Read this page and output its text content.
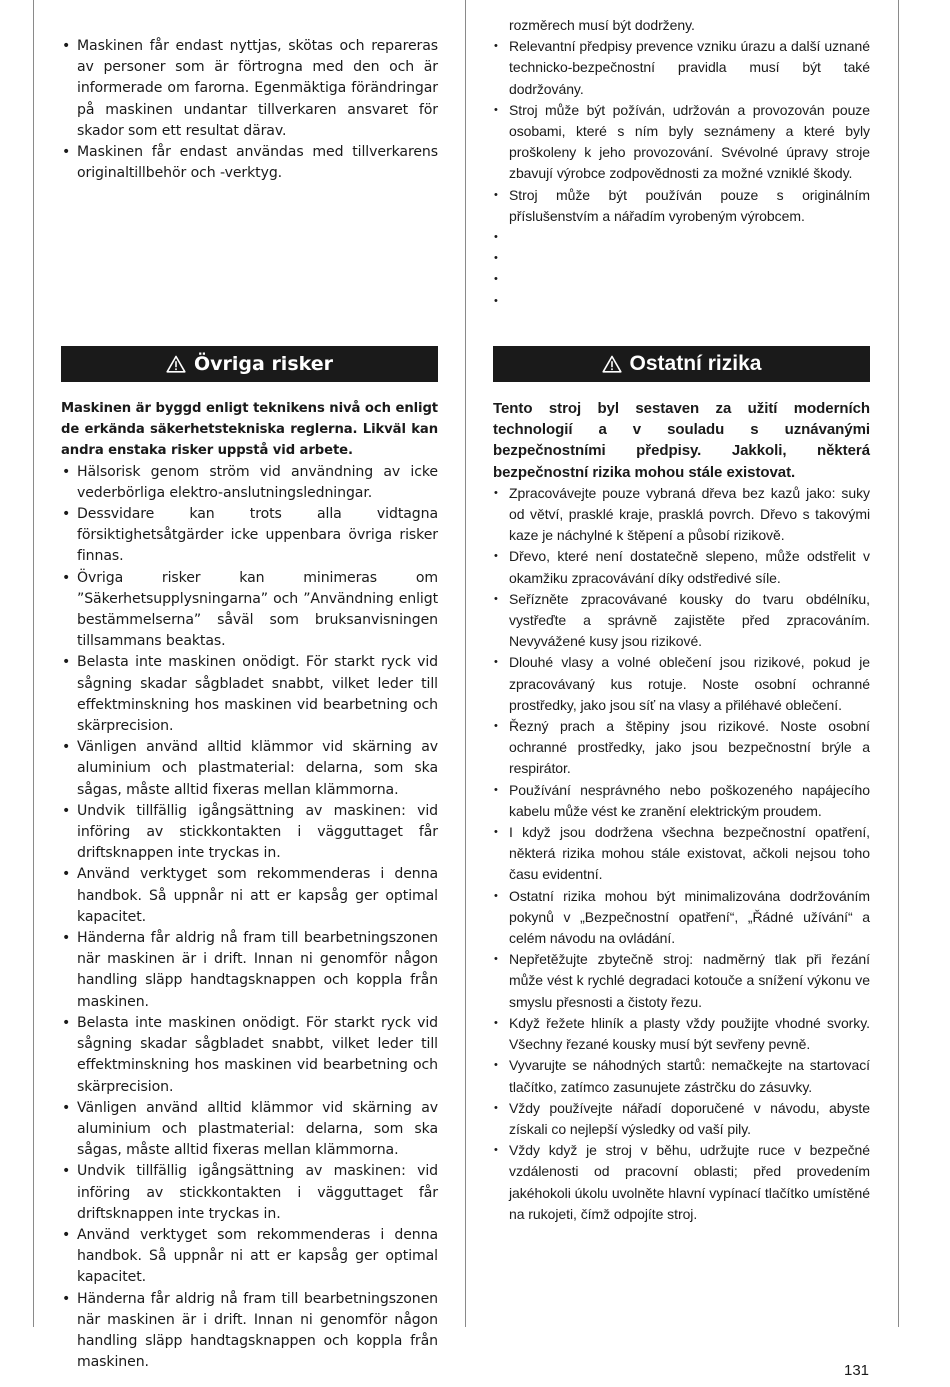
• Maskinen får endast nyttjas, skötas och repareras av personer som är förtrogna med den och är informerade om farorna. Egenmäktiga förändringar på maskinen undantar tillverkaren ansvaret för skador som ett resultat därav.
• Maskinen får endast användas med tillverkarens originaltillbehör och -verktyg.
Övriga risker

Maskinen är byggd enligt teknikens nivå och enligt de erkända säkerhetstekniska reglerna. Likväl kan andra enstaka risker uppstå vid arbete.

• Hälsorisk genom ström vid användning av icke vederbörliga elektro-anslutningsledningar.
• Dessvidare kan trots alla vidtagna försiktighetsåtgärder icke uppenbara övriga risker finnas.
• Övriga risker kan minimeras om ”Säkerhetsupplysningarna” och ”Användning enligt bestämmelserna” såväl som bruksanvisningen tillsammans beaktas.
• Belasta inte maskinen onödigt. För starkt ryck vid sågning skadar sågbladet snabbt, vilket leder till effektminskning hos maskinen vid bearbetning och skärprecision.
• Vänligen använd alltid klämmor vid skärning av aluminium och plastmaterial: delarna, som ska sågas, måste alltid fixeras mellan klämmorna.
• Undvik tillfällig igångsättning av maskinen: vid införing av stickkontakten i vägguttaget får driftsknappen inte tryckas in.
• Använd verktyget som rekommenderas i denna handbok. Så uppnår ni att er kapsåg ger optimal kapacitet.
• Händerna får aldrig nå fram till bearbetningszonen när maskinen är i drift. Innan ni genomför någon handling släpp handtagsknappen och koppla från maskinen.
• Belasta inte maskinen onödigt. För starkt ryck vid sågning skadar sågbladet snabbt, vilket leder till effektminskning hos maskinen vid bearbetning och skärprecision.
• Vänligen använd alltid klämmor vid skärning av aluminium och plastmaterial: delarna, som ska sågas, måste alltid fixeras mellan klämmorna.
• Undvik tillfällig igångsättning av maskinen: vid införing av stickkontakten i vägguttaget får driftsknappen inte tryckas in.
• Använd verktyget som rekommenderas i denna handbok. Så uppnår ni att er kapsåg ger optimal kapacitet.
• Händerna får aldrig nå fram till bearbetningszonen när maskinen är i drift. Innan ni genomför någon handling släpp handtagsknappen och koppla från maskinen.
rozměrech musí být dodrženy.
• Relevantní předpisy prevence vzniku úrazu a další uznané technicko-bezpečnostní pravidla musí být také dodržovány.
• Stroj může být požíván, udržován a provozován pouze osobami, které s ním byly seznámeny a které byly proškoleny k jeho provozování. Svévolné úpravy stroje zbavují výrobce zodpovědnosti za možné vzniklé škody.
• Stroj může být používán pouze s originálním příslušenstvím a nářadím vyrobeným výrobcem.
•
•
•
•
Ostatní rizika

Tento stroj byl sestaven za užití moderních technologií a v souladu s uznávanými bezpečnostními předpisy. Jakkoli, některá bezpečnostní rizika mohou stále existovat.

• Zpracovávejte pouze vybraná dřeva bez kazů jako: suky od větví, prasklé kraje, prasklá povrch. Dřevo s takovými kaze je náchylné k štěpení a působí rizikově.
• Dřevo, které není dostatečně slepeno, může odstřelit v okamžiku zpracovávání díky odstředivé síle.
• Seřízněte zpracovávané kousky do tvaru obdélníku, vystřeďte a správně zajistěte před zpracováním. Nevyvážené kusy jsou rizikové.
• Dlouhé vlasy a volné oblečení jsou rizikové, pokud je zpracovávaný kus rotuje. Noste osobní ochranné prostředky, jako jsou síť na vlasy a přiléhavé oblečení.
• Řezný prach a štěpiny jsou rizikové. Noste osobní ochranné prostředky, jako jsou bezpečnostní brýle a respirátor.
• Používání nesprávného nebo poškozeného napájecího kabelu může vést ke zranění elektrickým proudem.
• I když jsou dodržena všechna bezpečnostní opatření, některá rizika mohou stále existovat, ačkoli nejsou toho času evidentní.
• Ostatní rizika mohou být minimalizována dodržováním pokynů v „Bezpečnostní opatření“, „Řádné užívání“ a celém návodu na ovládání.
• Nepřetěžujte zbytečně stroj: nadměrný tlak při řezání může vést k rychlé degradaci kotouče a snížení výkonu ve smyslu přesnosti a čistoty řezu.
• Když řežete hliník a plasty vždy použijte vhodné svorky. Všechny řezané kousky musí být sevřeny pevně.
• Vyvarujte se náhodných startů: nemačkejte na startovací tlačítko, zatímco zasunujete zástrčku do zásuvky.
• Vždy používejte nářadí doporučené v návodu, abyste získali co nejlepší výsledky od vaší pily.
• Vždy když je stroj v běhu, udržujte ruce v bezpečné vzdálenosti od pracovní oblasti; před provedením jakéhokoli úkolu uvolněte hlavní vypínací tlačítko umístěné na rukojeti, čímž odpojíte stroj.
131
